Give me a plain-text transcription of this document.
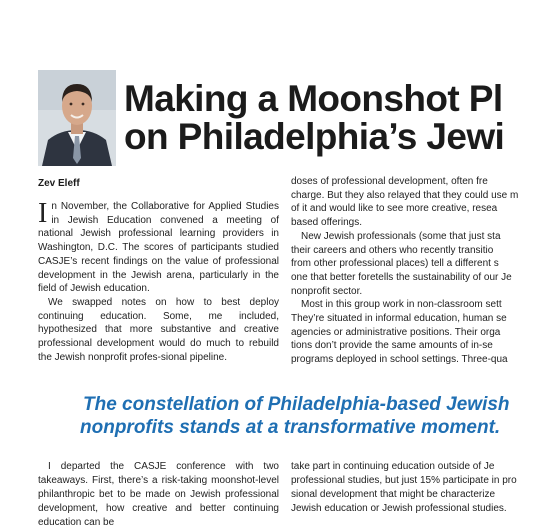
Making a Moonshot Pl
on Philadelphia’s Jewi

Zev Eleff

In November, the Collaborative for Applied Studies in Jewish Education convened a meeting of national Jewish professional learning providers in Washington, D.C. The scores of participants studied CASJE’s recent findings on the value of professional development in the Jewish arena, particularly in the field of Jewish education.

We swapped notes on how to best deploy continuing education. Some, me included, hypothesized that more substantive and creative professional development would do much to rebuild the Jewish nonprofit profes-sional pipeline.

doses of professional development, often fre
charge. But they also relayed that they could use m
of it and would like to see more creative, resea
based offerings.
New Jewish professionals (some that just sta
their careers and others who recently transitio
from other professional places) tell a different s
one that better foretells the sustainability of our Je
nonprofit sector.
Most in this group work in non-classroom sett
They’re situated in informal education, human se
agencies or administrative positions. Their orga
tions don’t provide the same amounts of in-se
programs deployed in school settings. Three-qua
The constellation of Philadelphia-based Jewish
nonprofits stands at a transformative moment.

I departed the CASJE conference with two takeaways. First, there’s a risk-taking moonshot-level philanthropic bet to be made on Jewish professional development, how creative and better continuing education can be

take part in continuing education outside of Je
professional studies, but just 15% participate in pro
sional development that might be characterize
Jewish education or Jewish professional studies.
